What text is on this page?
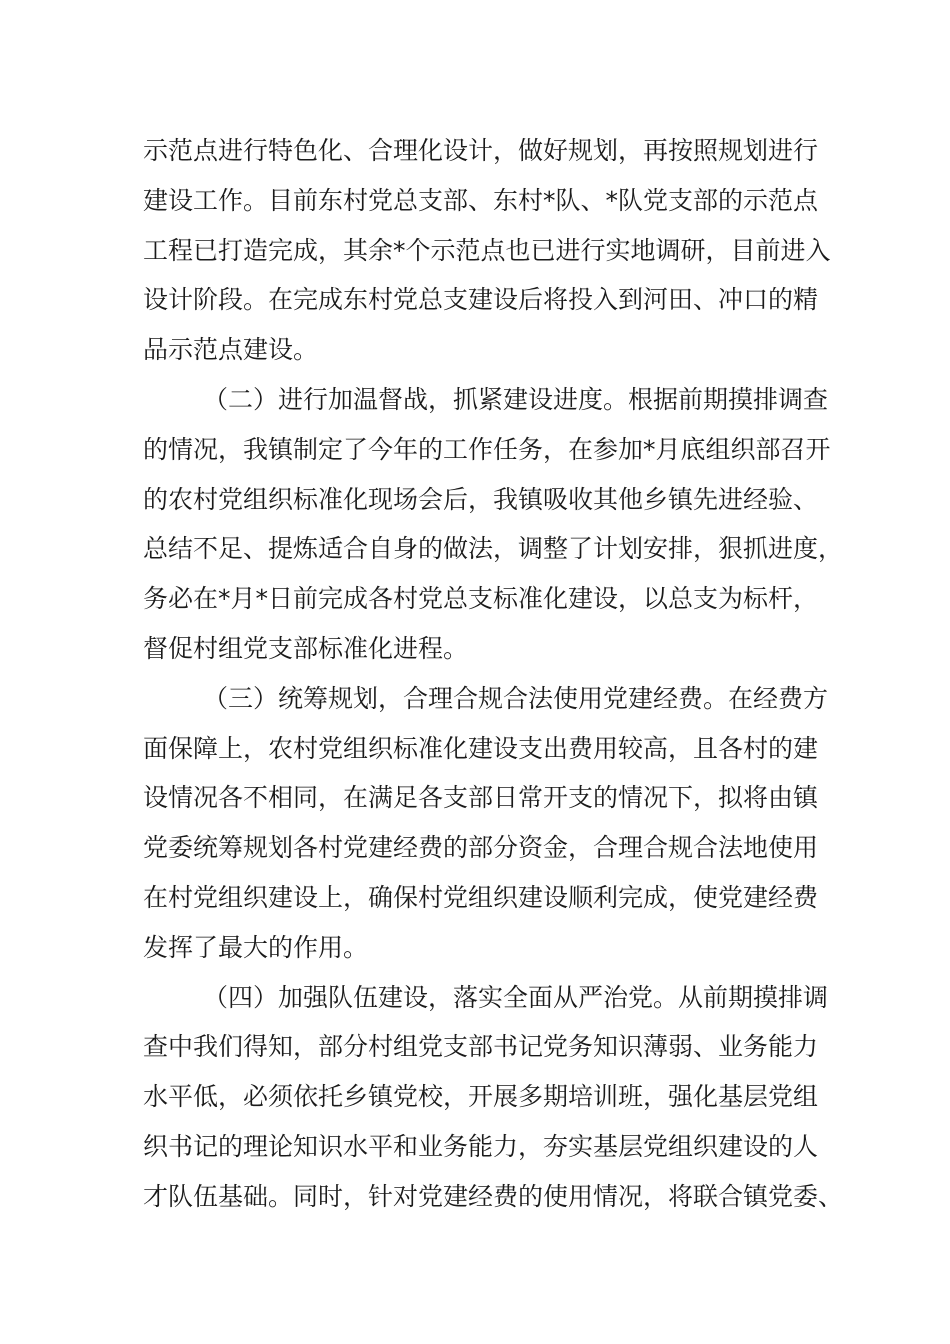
示范点进行特色化、合理化设计，做好规划，再按照规划进行
建设工作。目前东村党总支部、东村*队、*队党支部的示范点
工程已打造完成，其余*个示范点也已进行实地调研，目前进入
设计阶段。在完成东村党总支建设后将投入到河田、冲口的精
品示范点建设。
（二）进行加温督战，抓紧建设进度。根据前期摸排调查
的情况，我镇制定了今年的工作任务，在参加*月底组织部召开
的农村党组织标准化现场会后，我镇吸收其他乡镇先进经验、
总结不足、提炼适合自身的做法，调整了计划安排，狠抓进度，
务必在*月*日前完成各村党总支标准化建设，以总支为标杆，
督促村组党支部标准化进程。
（三）统筹规划，合理合规合法使用党建经费。在经费方
面保障上，农村党组织标准化建设支出费用较高，且各村的建
设情况各不相同，在满足各支部日常开支的情况下，拟将由镇
党委统筹规划各村党建经费的部分资金，合理合规合法地使用
在村党组织建设上，确保村党组织建设顺利完成，使党建经费
发挥了最大的作用。
（四）加强队伍建设，落实全面从严治党。从前期摸排调
查中我们得知，部分村组党支部书记党务知识薄弱、业务能力
水平低，必须依托乡镇党校，开展多期培训班，强化基层党组
织书记的理论知识水平和业务能力，夯实基层党组织建设的人
才队伍基础。同时，针对党建经费的使用情况，将联合镇党委、
